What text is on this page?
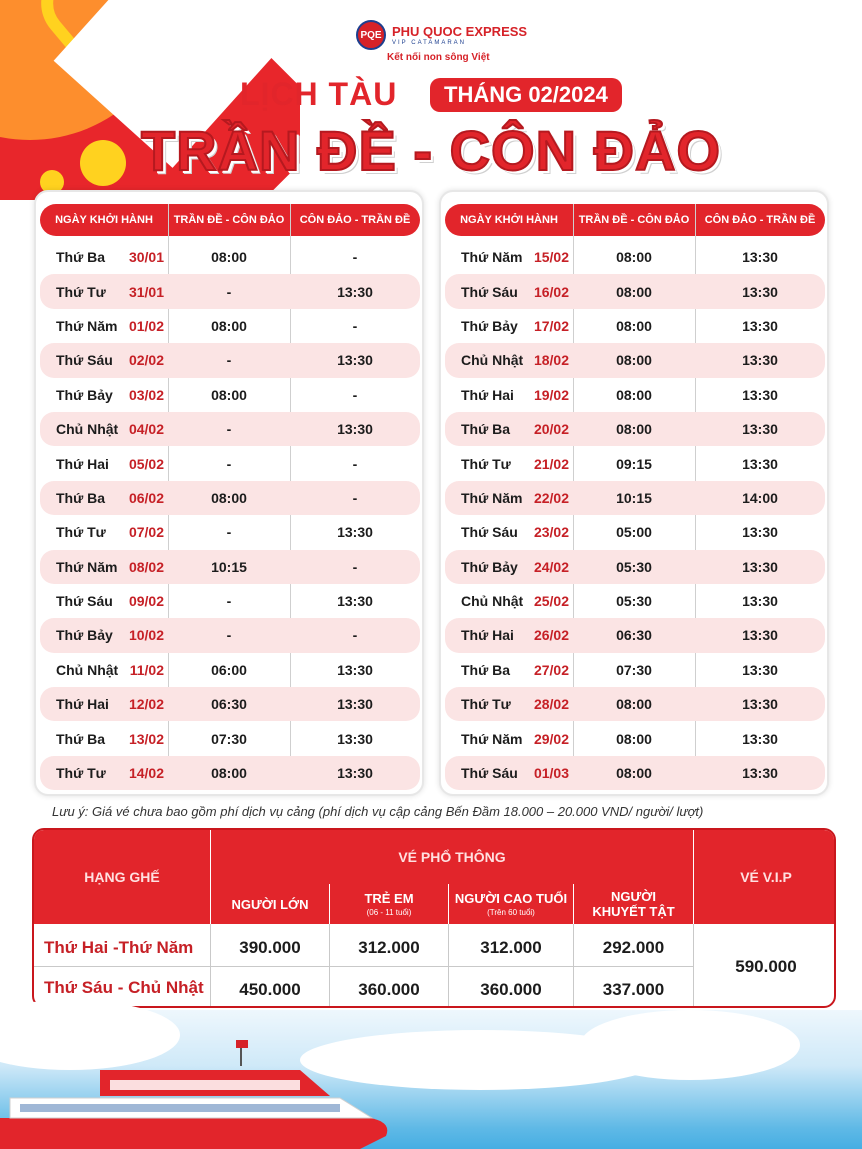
PQE PHU QUOC EXPRESS
VIP CATAMARAN
Kết nối non sông Việt
LỊCH TÀU	THÁNG 02/2024
TRẦN ĐỀ - CÔN ĐẢO
NGÀY KHỞI HÀNH	TRẦN ĐỀ - CÔN ĐẢO	CÔN ĐẢO - TRẦN ĐỀ
Thứ Ba 30/01	08:00	-
Thứ Tư 31/01	-	13:30
Thứ Năm 01/02	08:00	-
Thứ Sáu 02/02	-	13:30
Thứ Bảy 03/02	08:00	-
Chủ Nhật 04/02	-	13:30
Thứ Hai 05/02	-	-
Thứ Ba 06/02	08:00	-
Thứ Tư 07/02	-	13:30
Thứ Năm 08/02	10:15	-
Thứ Sáu 09/02	-	13:30
Thứ Bảy 10/02	-	-
Chủ Nhật 11/02	06:00	13:30
Thứ Hai 12/02	06:30	13:30
Thứ Ba 13/02	07:30	13:30
Thứ Tư 14/02	08:00	13:30
NGÀY KHỞI HÀNH	TRẦN ĐỀ - CÔN ĐẢO	CÔN ĐẢO - TRẦN ĐỀ
Thứ Năm 15/02	08:00	13:30
Thứ Sáu 16/02	08:00	13:30
Thứ Bảy 17/02	08:00	13:30
Chủ Nhật 18/02	08:00	13:30
Thứ Hai 19/02	08:00	13:30
Thứ Ba 20/02	08:00	13:30
Thứ Tư 21/02	09:15	13:30
Thứ Năm 22/02	10:15	14:00
Thứ Sáu 23/02	05:00	13:30
Thứ Bảy 24/02	05:30	13:30
Chủ Nhật 25/02	05:30	13:30
Thứ Hai 26/02	06:30	13:30
Thứ Ba 27/02	07:30	13:30
Thứ Tư 28/02	08:00	13:30
Thứ Năm 29/02	08:00	13:30
Thứ Sáu 01/03	08:00	13:30
Lưu ý: Giá vé chưa bao gồm phí dịch vụ cảng (phí dịch vụ cập cảng Bến Đầm 18.000 – 20.000 VND/ người/ lượt)
HẠNG GHẾ
VÉ PHỔ THÔNG
VÉ V.I.P
NGƯỜI LỚN	TRẺ EM
(06 - 11 tuổi)
NGƯỜI CAO TUỔI
(Trên 60 tuổi)
NGƯỜI
KHUYẾT TẬT
Thứ Hai -Thứ Năm	390.000	312.000	312.000	292.000
Thứ Sáu - Chủ Nhật	450.000	360.000	360.000	337.000
590.000
